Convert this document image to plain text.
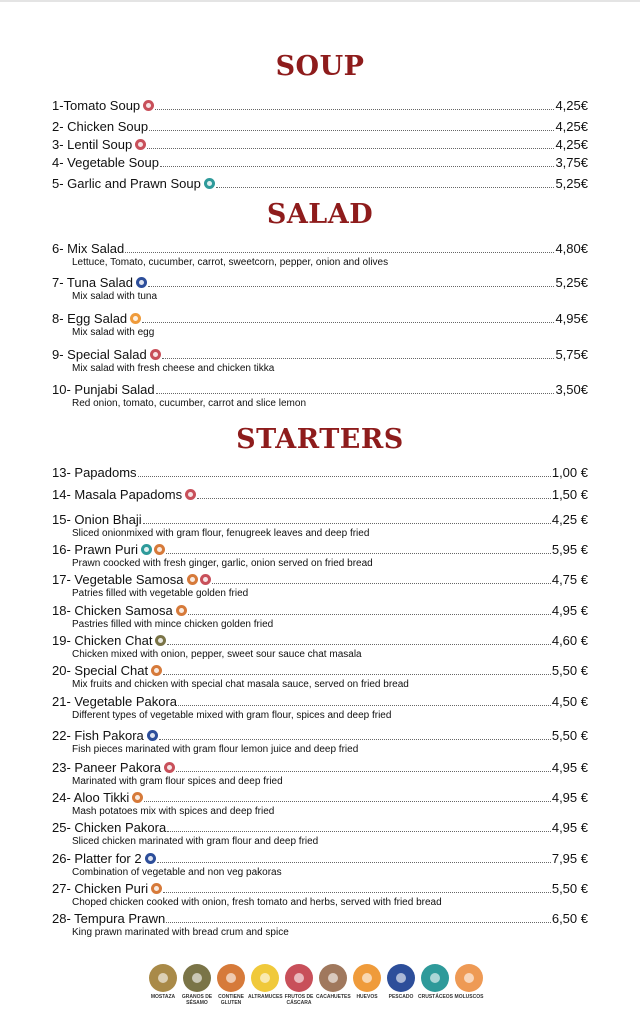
SOUP
1-Tomato Soup	4,25€
2- Chicken Soup	4,25€
3- Lentil Soup	4,25€
4- Vegetable Soup	3,75€
5- Garlic and Prawn Soup	5,25€
SALAD
6- Mix Salad	4,80€
Lettuce, Tomato, cucumber, carrot, sweetcorn, pepper, onion and olives
7- Tuna Salad	5,25€
Mix salad with tuna
8- Egg Salad	4,95€
Mix salad with egg
9- Special Salad	5,75€
Mix salad with fresh cheese and chicken tikka
10- Punjabi Salad	3,50€
Red onion, tomato, cucumber, carrot and slice lemon
STARTERS
13- Papadoms	1,00 €
14- Masala Papadoms	1,50 €
15- Onion Bhaji	4,25 €
Sliced onionmixed with gram flour, fenugreek leaves and deep fried
16- Prawn Puri	5,95 €
Prawn coocked with fresh ginger, garlic, onion served on fried bread
17- Vegetable Samosa	4,75 €
Patries filled with vegetable golden fried
18- Chicken Samosa	4,95 €
Pastries filled with mince chicken golden fried
19- Chicken Chat	4,60 €
Chicken mixed with onion, pepper, sweet sour sauce chat masala
20- Special Chat	5,50 €
Mix fruits and chicken with special chat masala sauce, served on fried bread
21- Vegetable Pakora	4,50 €
Different types of vegetable mixed with gram flour, spices and deep fried
22- Fish Pakora	5,50 €
Fish pieces marinated with gram flour lemon juice and deep fried
23- Paneer Pakora	4,95 €
Marinated with gram flour spices and deep fried
24- Aloo Tikki	4,95 €
Mash potatoes mix with spices and deep fried
25- Chicken Pakora	4,95 €
Sliced chicken marinated with gram flour and deep fried
26- Platter for 2	7,95 €
Combination of vegetable and non veg pakoras
27- Chicken Puri	5,50 €
Choped chicken cooked with onion, fresh tomato and herbs, served with fried bread
28- Tempura Prawn	6,50 €
King prawn marinated with bread crum and spice
MOSTAZA	GRANOS DE SÉSAMO
CONTIENE GLUTEN
ALTRAMUCES FRUTOS DE CÁSCARA
CACAHUETES	HUEVOS	PESCADO CRUSTÁCEOS MOLUSCOS
